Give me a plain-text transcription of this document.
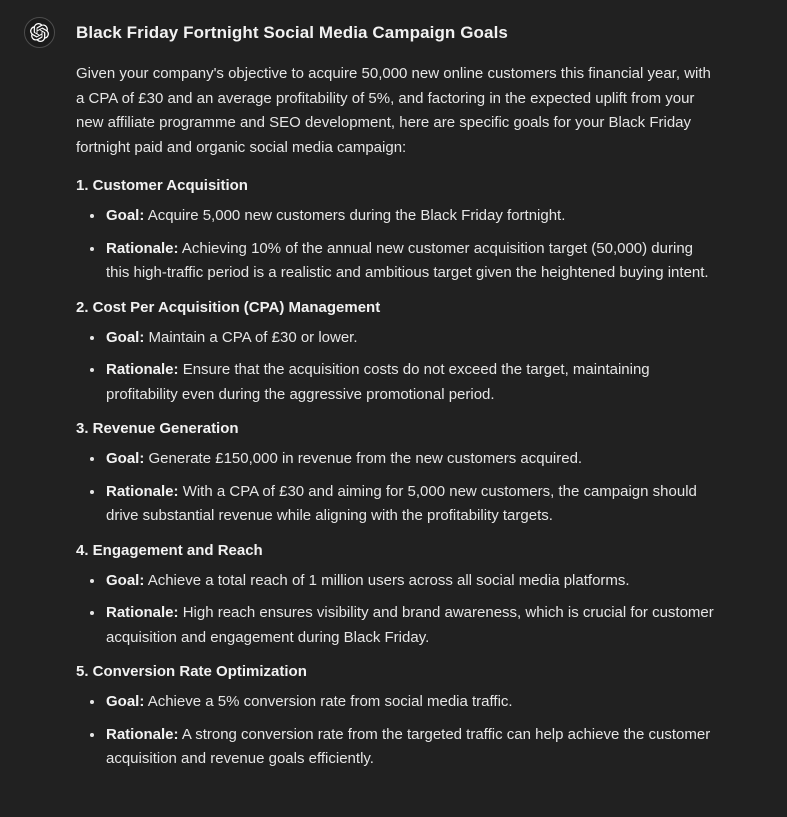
Black Friday Fortnight Social Media Campaign Goals

Given your company's objective to acquire 50,000 new online customers this financial year, with a CPA of £30 and an average profitability of 5%, and factoring in the expected uplift from your new affiliate programme and SEO development, here are specific goals for your Black Friday fortnight paid and organic social media campaign:

1. Customer Acquisition
• Goal: Acquire 5,000 new customers during the Black Friday fortnight.
• Rationale: Achieving 10% of the annual new customer acquisition target (50,000) during this high-traffic period is a realistic and ambitious target given the heightened buying intent.
2. Cost Per Acquisition (CPA) Management
• Goal: Maintain a CPA of £30 or lower.
• Rationale: Ensure that the acquisition costs do not exceed the target, maintaining profitability even during the aggressive promotional period.
3. Revenue Generation
• Goal: Generate £150,000 in revenue from the new customers acquired.
• Rationale: With a CPA of £30 and aiming for 5,000 new customers, the campaign should drive substantial revenue while aligning with the profitability targets.
4. Engagement and Reach
• Goal: Achieve a total reach of 1 million users across all social media platforms.
• Rationale: High reach ensures visibility and brand awareness, which is crucial for customer acquisition and engagement during Black Friday.
5. Conversion Rate Optimization
• Goal: Achieve a 5% conversion rate from social media traffic.
• Rationale: A strong conversion rate from the targeted traffic can help achieve the customer acquisition and revenue goals efficiently.
